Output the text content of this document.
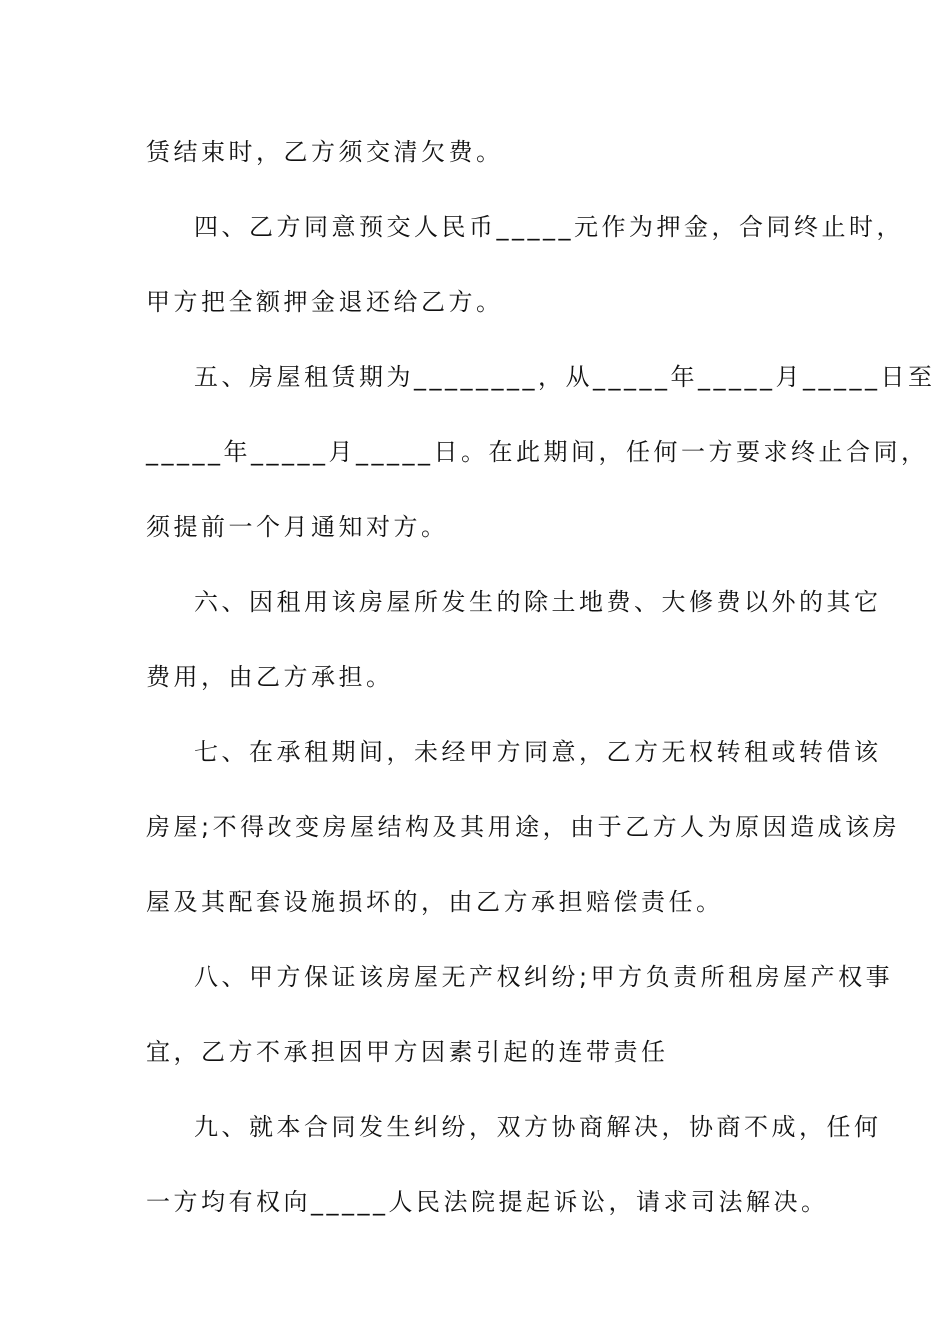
赁结束时，乙方须交清欠费。
四、乙方同意预交人民币_____元作为押金，合同终止时，
甲方把全额押金退还给乙方。
五、房屋租赁期为________，从_____年_____月_____日至
_____年_____月_____日。在此期间，任何一方要求终止合同，
须提前一个月通知对方。
六、因租用该房屋所发生的除土地费、大修费以外的其它
费用，由乙方承担。
七、在承租期间，未经甲方同意，乙方无权转租或转借该
房屋;不得改变房屋结构及其用途，由于乙方人为原因造成该房
屋及其配套设施损坏的，由乙方承担赔偿责任。
八、甲方保证该房屋无产权纠纷;甲方负责所租房屋产权事
宜，乙方不承担因甲方因素引起的连带责任
九、就本合同发生纠纷，双方协商解决，协商不成，任何
一方均有权向_____人民法院提起诉讼，请求司法解决。
